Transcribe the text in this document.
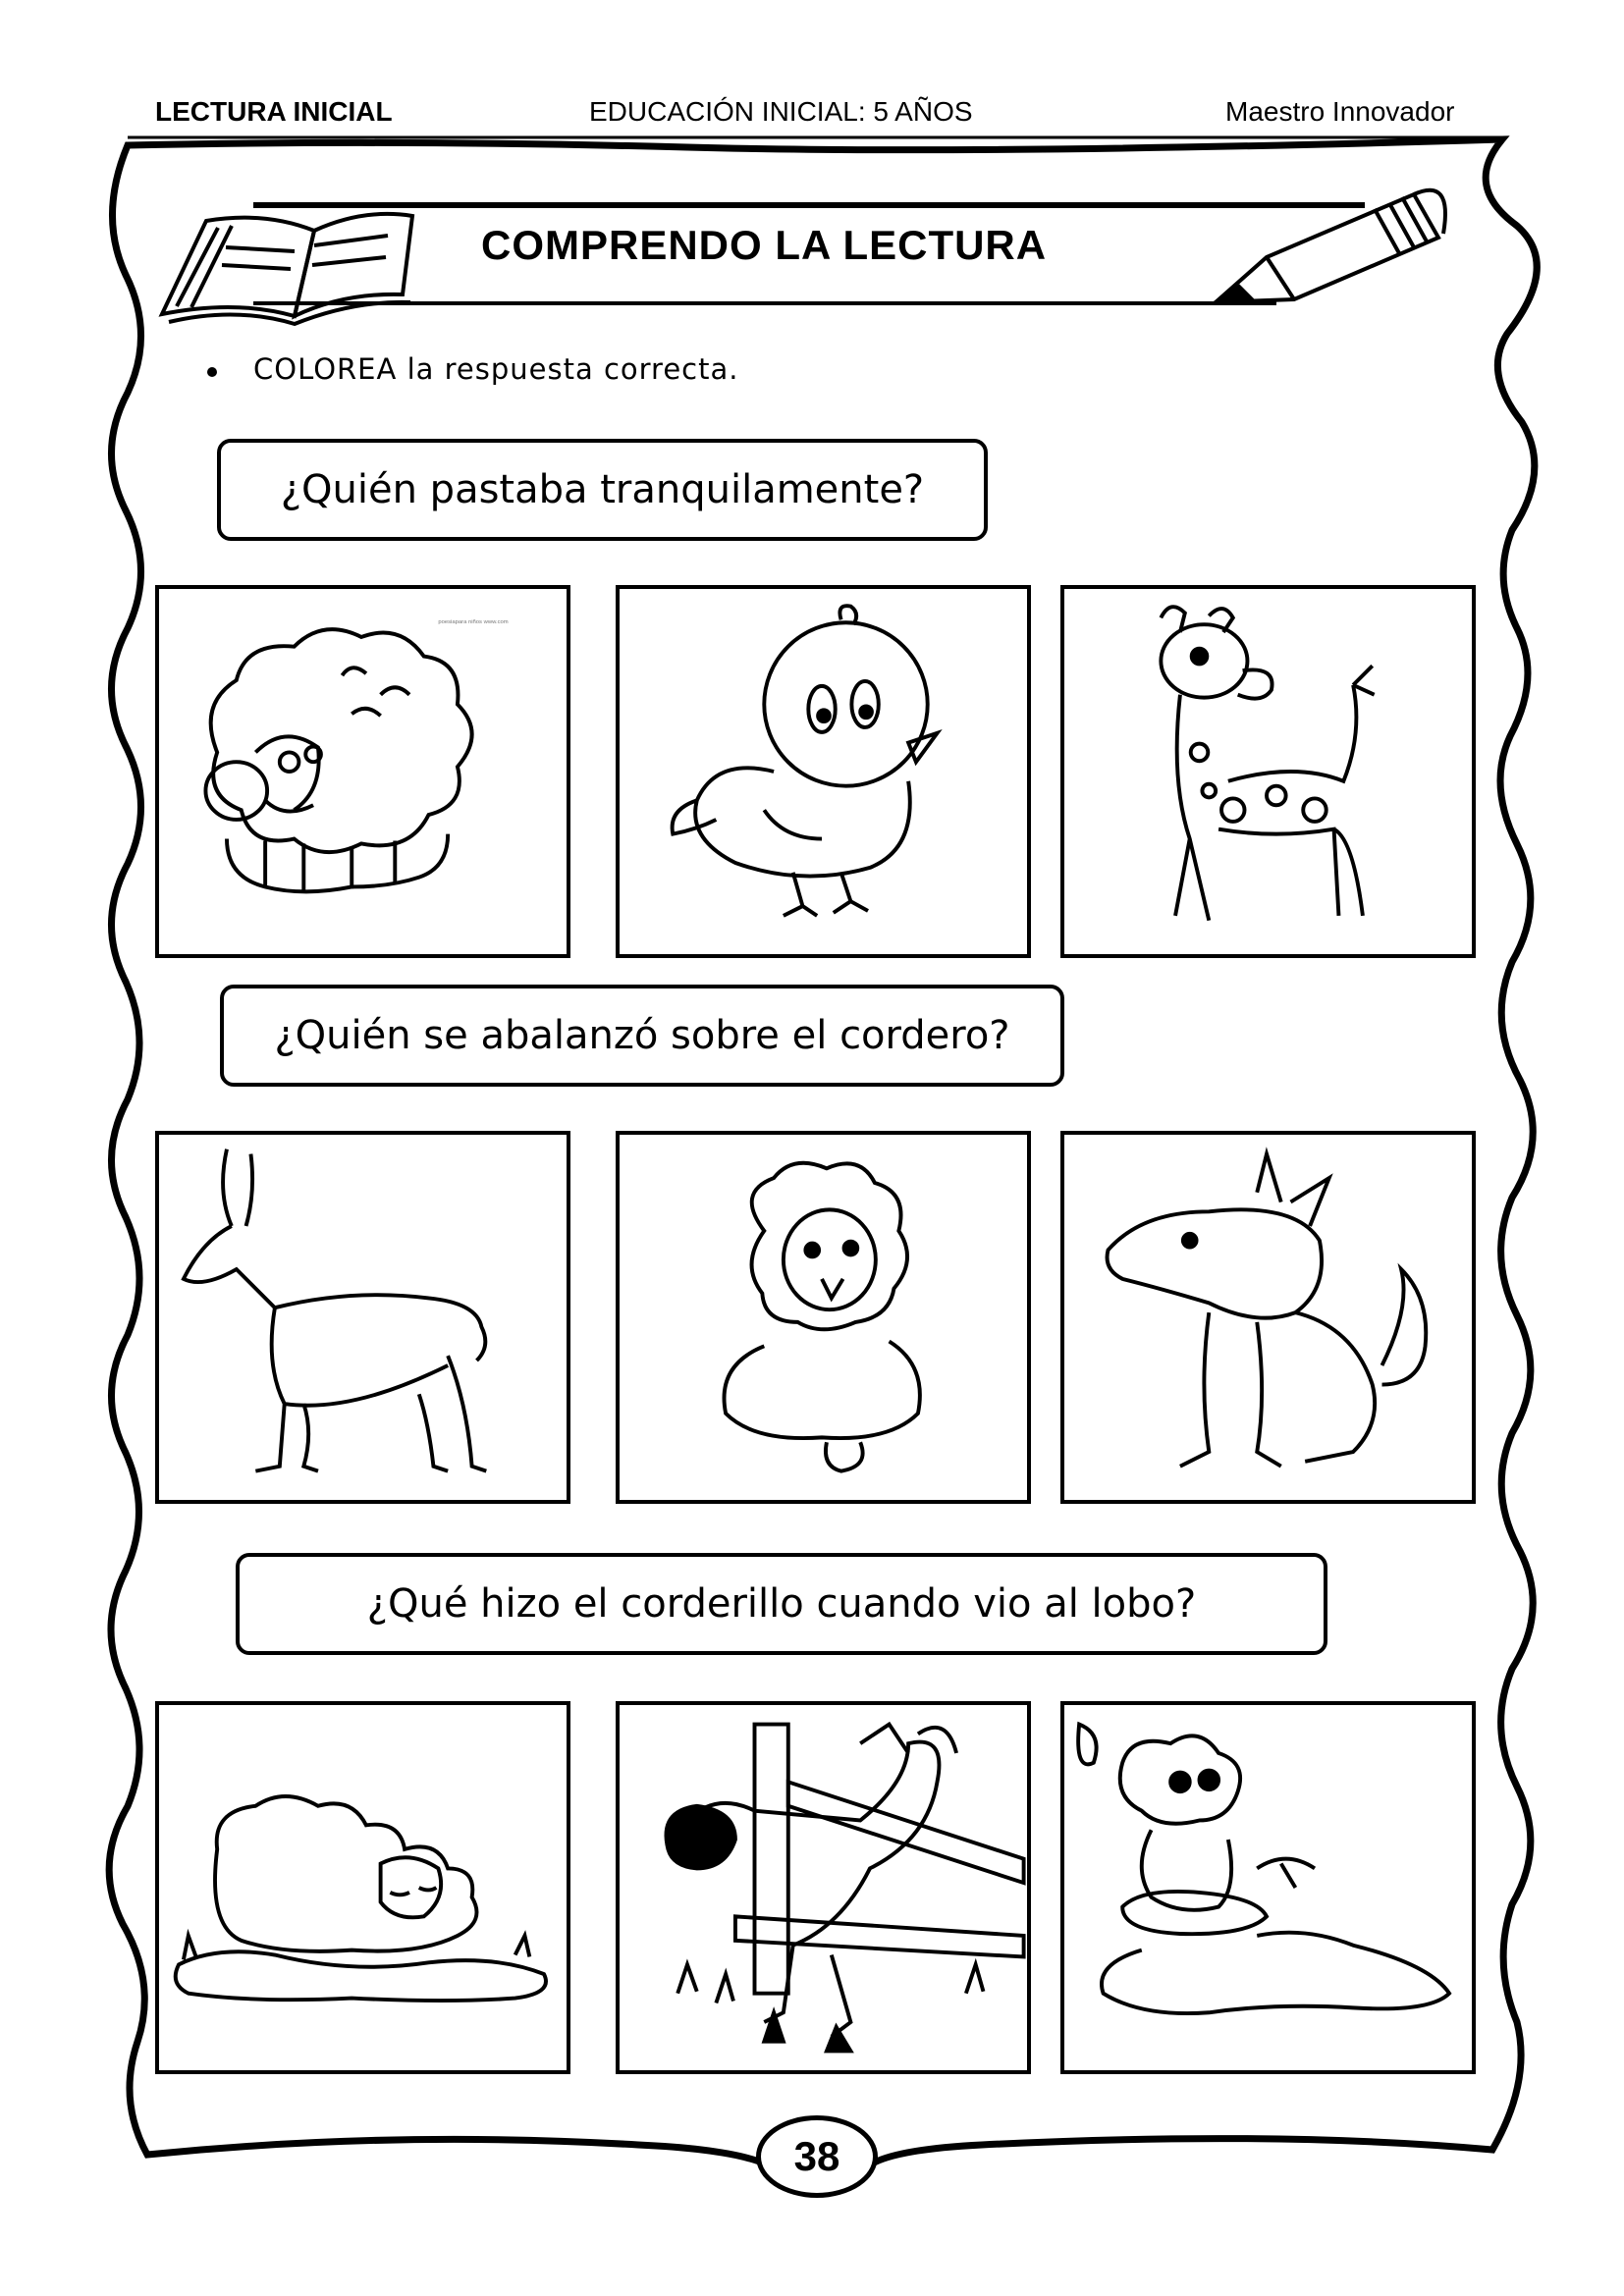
LECTURA INICIAL	EDUCACIÓN INICIAL: 5 AÑOS	Maestro Innovador
COMPRENDO LA LECTURA
COLOREA la respuesta correcta.
¿Quién pastaba tranquilamente?
poesiapara niños www.com
¿Quién se abalanzó sobre el cordero?
¿Qué hizo el corderillo cuando vio al lobo?
38
